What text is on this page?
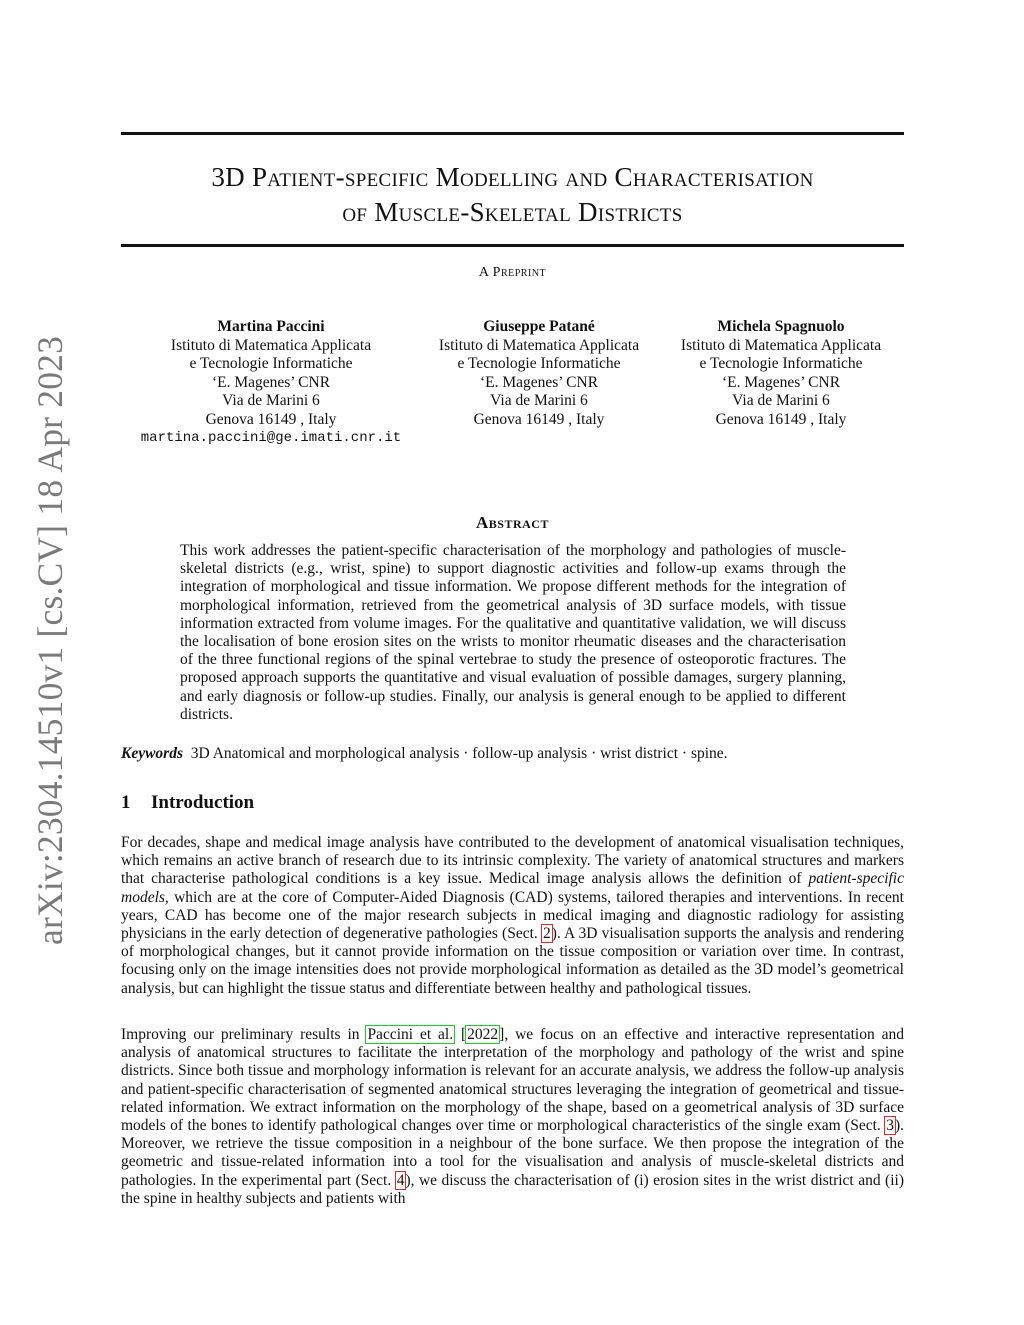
arXiv:2304.14510v1 [cs.CV] 18 Apr 2023
3D Patient-specific Modelling and Characterisation
of Muscle-Skeletal Districts
A Preprint
Martina Paccini
Istituto di Matematica Applicata
e Tecnologie Informatiche
‘E. Magenes’ CNR
Via de Marini 6
Genova 16149 , Italy
martina.paccini@ge.imati.cnr.it
Giuseppe Patané
Istituto di Matematica Applicata
e Tecnologie Informatiche
‘E. Magenes’ CNR
Via de Marini 6
Genova 16149 , Italy
Michela Spagnuolo
Istituto di Matematica Applicata
e Tecnologie Informatiche
‘E. Magenes’ CNR
Via de Marini 6
Genova 16149 , Italy
Abstract
This work addresses the patient-specific characterisation of the morphology and pathologies of muscle-skeletal districts (e.g., wrist, spine) to support diagnostic activities and follow-up exams through the integration of morphological and tissue information. We propose different methods for the integration of morphological information, retrieved from the geometrical analysis of 3D surface models, with tissue information extracted from volume images. For the qualitative and quantitative validation, we will discuss the localisation of bone erosion sites on the wrists to monitor rheumatic diseases and the characterisation of the three functional regions of the spinal vertebrae to study the presence of osteoporotic fractures. The proposed approach supports the quantitative and visual evaluation of possible damages, surgery planning, and early diagnosis or follow-up studies. Finally, our analysis is general enough to be applied to different districts.
Keywords 3D Anatomical and morphological analysis · follow-up analysis · wrist district · spine.
1 Introduction

For decades, shape and medical image analysis have contributed to the development of anatomical visualisation techniques, which remains an active branch of research due to its intrinsic complexity. The variety of anatomical structures and markers that characterise pathological conditions is a key issue. Medical image analysis allows the definition of patient-specific models, which are at the core of Computer-Aided Diagnosis (CAD) systems, tailored therapies and interventions. In recent years, CAD has become one of the major research subjects in medical imaging and diagnostic radiology for assisting physicians in the early detection of degenerative pathologies (Sect. 2). A 3D visualisation supports the analysis and rendering of morphological changes, but it cannot provide information on the tissue composition or variation over time. In contrast, focusing only on the image intensities does not provide morphological information as detailed as the 3D model’s geometrical analysis, but can highlight the tissue status and differentiate between healthy and pathological tissues.

Improving our preliminary results in Paccini et al. [2022], we focus on an effective and interactive representation and analysis of anatomical structures to facilitate the interpretation of the morphology and pathology of the wrist and spine districts. Since both tissue and morphology information is relevant for an accurate analysis, we address the follow-up analysis and patient-specific characterisation of segmented anatomical structures leveraging the integration of geometrical and tissue-related information. We extract information on the morphology of the shape, based on a geometrical analysis of 3D surface models of the bones to identify pathological changes over time or morphological characteristics of the single exam (Sect. 3). Moreover, we retrieve the tissue composition in a neighbour of the bone surface. We then propose the integration of the geometric and tissue-related information into a tool for the visualisation and analysis of muscle-skeletal districts and pathologies. In the experimental part (Sect. 4), we discuss the characterisation of (i) erosion sites in the wrist district and (ii) the spine in healthy subjects and patients with
